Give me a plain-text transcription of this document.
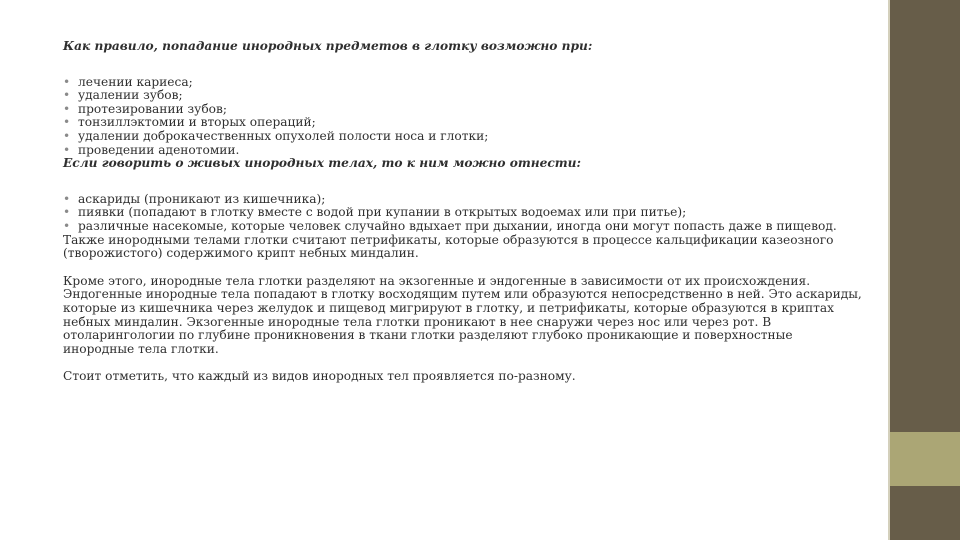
Как правило, попадание инородных предметов в глотку возможно при:

• лечении кариеса;
• удалении зубов;
• протезировании зубов;
• тонзиллэктомии и вторых операций;
• удалении доброкачественных опухолей полости носа и глотки;
• проведении аденотомии.

Если говорить о живых инородных телах, то к ним можно отнести:

• аскариды (проникают из кишечника);
• пиявки (попадают в глотку вместе с водой при купании в открытых водоемах или при питье);
• различные насекомые, которые человек случайно вдыхает при дыхании, иногда они могут попасть даже в пищевод.

Также инородными телами глотки считают петрификаты, которые образуются в процессе кальцификации казеозного (творожистого) содержимого крипт небных миндалин.

Кроме этого, инородные тела глотки разделяют на экзогенные и эндогенные в зависимости от их происхождения. Эндогенные инородные тела попадают в глотку восходящим путем или образуются непосредственно в ней. Это аскариды, которые из кишечника через желудок и пищевод мигрируют в глотку, и петрификаты, которые образуются в криптах небных миндалин. Экзогенные инородные тела глотки проникают в нее снаружи через нос или через рот. В отоларингологии по глубине проникновения в ткани глотки разделяют глубоко проникающие и поверхностные инородные тела глотки.

Стоит отметить, что каждый из видов инородных тел проявляется по-разному.
